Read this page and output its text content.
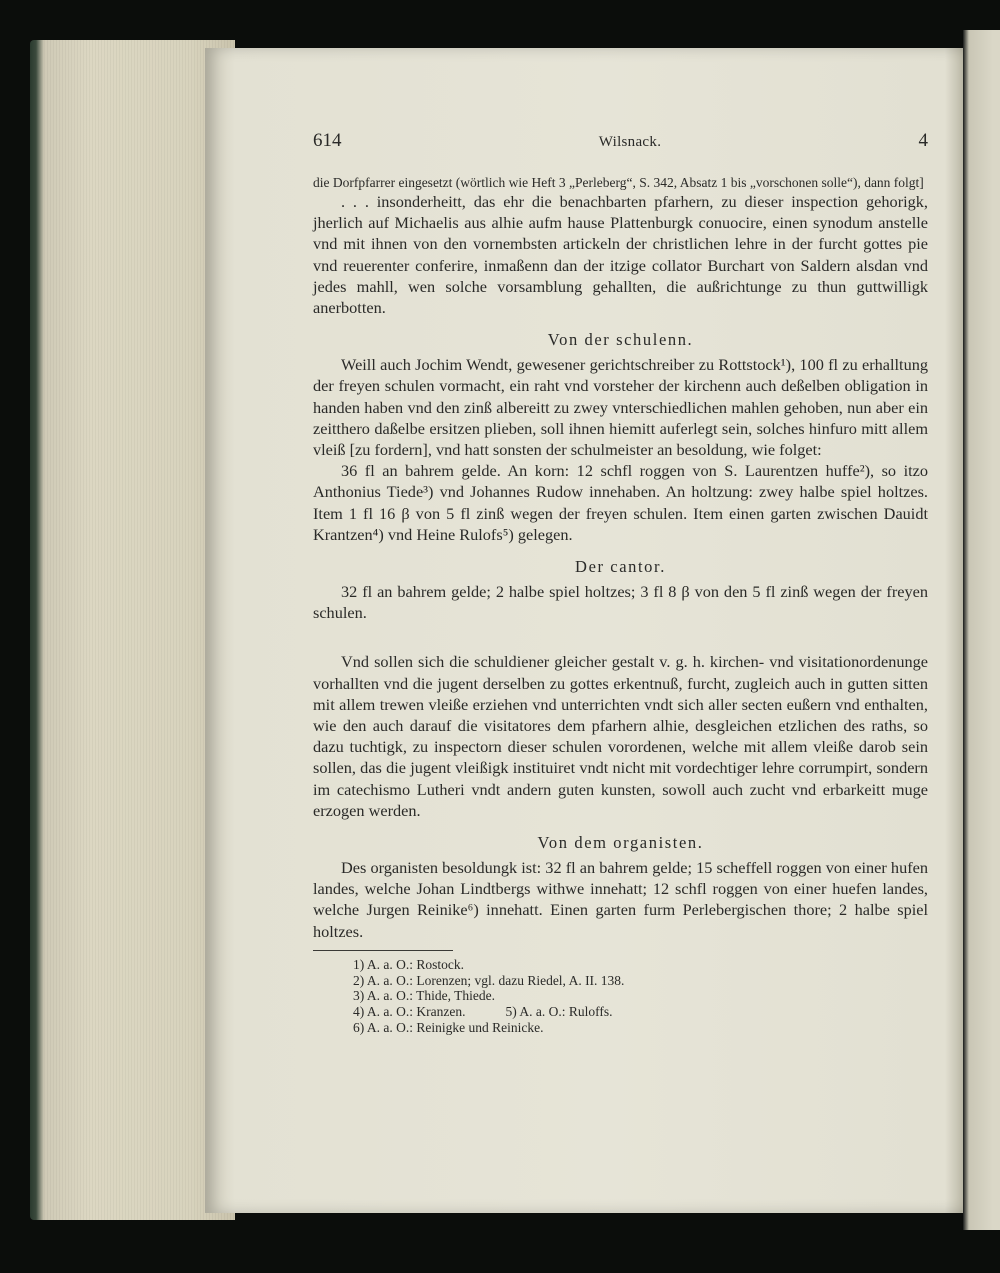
614	Wilsnack.	4

die Dorfpfarrer eingesetzt (wörtlich wie Heft 3 „Perleberg“, S. 342, Absatz 1 bis „vorschonen solle“), dann folgt]

. . . insonderheitt, das ehr die benachbarten pfarhern, zu dieser inspection gehorigk, jherlich auf Michaelis aus alhie aufm hause Plattenburgk conuocire, einen synodum anstelle vnd mit ihnen von den vornembsten artickeln der christlichen lehre in der furcht gottes pie vnd reuerenter conferire, inmaßenn dan der itzige collator Burchart von Saldern alsdan vnd jedes mahll, wen solche vorsamblung gehallten, die außrichtunge zu thun guttwilligk anerbotten.

Von der schulenn.

Weill auch Jochim Wendt, gewesener gerichtschreiber zu Rottstock¹), 100 fl zu erhalltung der freyen schulen vormacht, ein raht vnd vorsteher der kirchenn auch deßelben obligation in handen haben vnd den zinß albereitt zu zwey vnterschiedlichen mahlen gehoben, nun aber ein zeitthero daßelbe ersitzen plieben, soll ihnen hiemitt auferlegt sein, solches hinfuro mitt allem vleiß [zu fordern], vnd hatt sonsten der schulmeister an besoldung, wie folget:

36 fl an bahrem gelde. An korn: 12 schfl roggen von S. Laurentzen huffe²), so itzo Anthonius Tiede³) vnd Johannes Rudow innehaben. An holtzung: zwey halbe spiel holtzes. Item 1 fl 16 β von 5 fl zinß wegen der freyen schulen. Item einen garten zwischen Dauidt Krantzen⁴) vnd Heine Rulofs⁵) gelegen.

Der cantor.

32 fl an bahrem gelde; 2 halbe spiel holtzes; 3 fl 8 β von den 5 fl zinß wegen der freyen schulen.

Vnd sollen sich die schuldiener gleicher gestalt v. g. h. kirchen- vnd visitationordenunge vorhallten vnd die jugent derselben zu gottes erkentnuß, furcht, zugleich auch in gutten sitten mit allem trewen vleiße erziehen vnd unterrichten vndt sich aller secten eußern vnd enthalten, wie den auch darauf die visitatores dem pfarhern alhie, desgleichen etzlichen des raths, so dazu tuchtigk, zu inspectorn dieser schulen vorordenen, welche mit allem vleiße darob sein sollen, das die jugent vleißigk instituiret vndt nicht mit vordechtiger lehre corrumpirt, sondern im catechismo Lutheri vndt andern guten kunsten, sowoll auch zucht vnd erbarkeitt muge erzogen werden.

Von dem organisten.

Des organisten besoldungk ist: 32 fl an bahrem gelde; 15 scheffell roggen von einer hufen landes, welche Johan Lindtbergs withwe innehatt; 12 schfl roggen von einer huefen landes, welche Jurgen Reinike⁶) innehatt. Einen garten furm Perlebergischen thore; 2 halbe spiel holtzes.

1) A. a. O.: Rostock.

2) A. a. O.: Lorenzen; vgl. dazu Riedel, A. II. 138.

3) A. a. O.: Thide, Thiede.

4) A. a. O.: Kranzen.	5) A. a. O.: Ruloffs.

6) A. a. O.: Reinigke und Reinicke.
